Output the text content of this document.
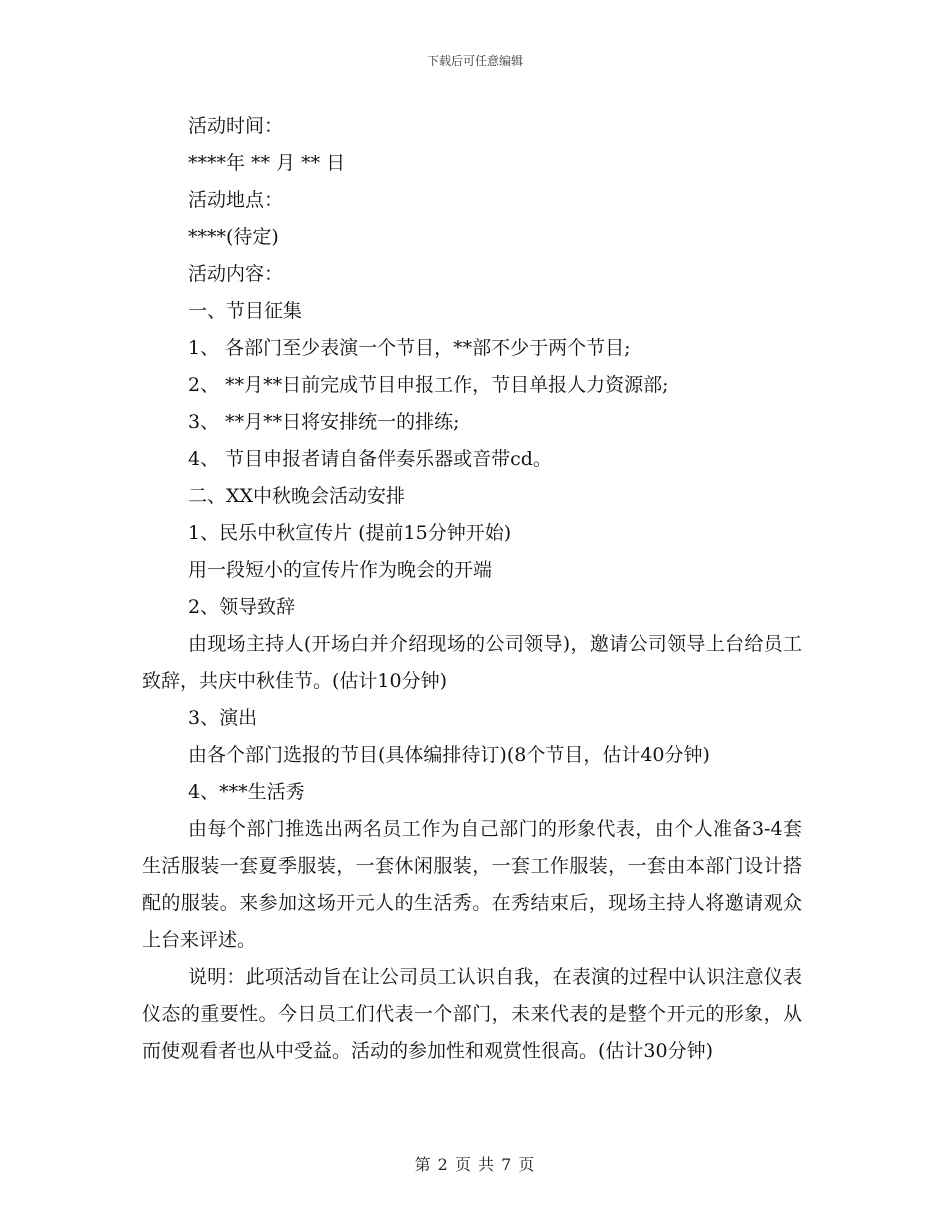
下载后可任意编辑
活动时间：
****年 ** 月 ** 日
活动地点：
****(待定)
活动内容：
一、节目征集
1、 各部门至少表演一个节目，**部不少于两个节目;
2、 **月**日前完成节目申报工作，节目单报人力资源部;
3、 **月**日将安排统一的排练;
4、 节目申报者请自备伴奏乐器或音带cd。
二、XX中秋晚会活动安排
1、民乐中秋宣传片 (提前15分钟开始)
用一段短小的宣传片作为晚会的开端
2、领导致辞
由现场主持人(开场白并介绍现场的公司领导)，邀请公司领导上台给员工致辞，共庆中秋佳节。(估计10分钟)
3、演出
由各个部门选报的节目(具体编排待订)(8个节目，估计40分钟)
4、***生活秀
由每个部门推选出两名员工作为自己部门的形象代表，由个人准备3-4套生活服装一套夏季服装，一套休闲服装，一套工作服装，一套由本部门设计搭配的服装。来参加这场开元人的生活秀。在秀结束后，现场主持人将邀请观众上台来评述。
说明：此项活动旨在让公司员工认识自我，在表演的过程中认识注意仪表仪态的重要性。今日员工们代表一个部门，未来代表的是整个开元的形象，从而使观看者也从中受益。活动的参加性和观赏性很高。(估计30分钟)
第 2 页 共 7 页
